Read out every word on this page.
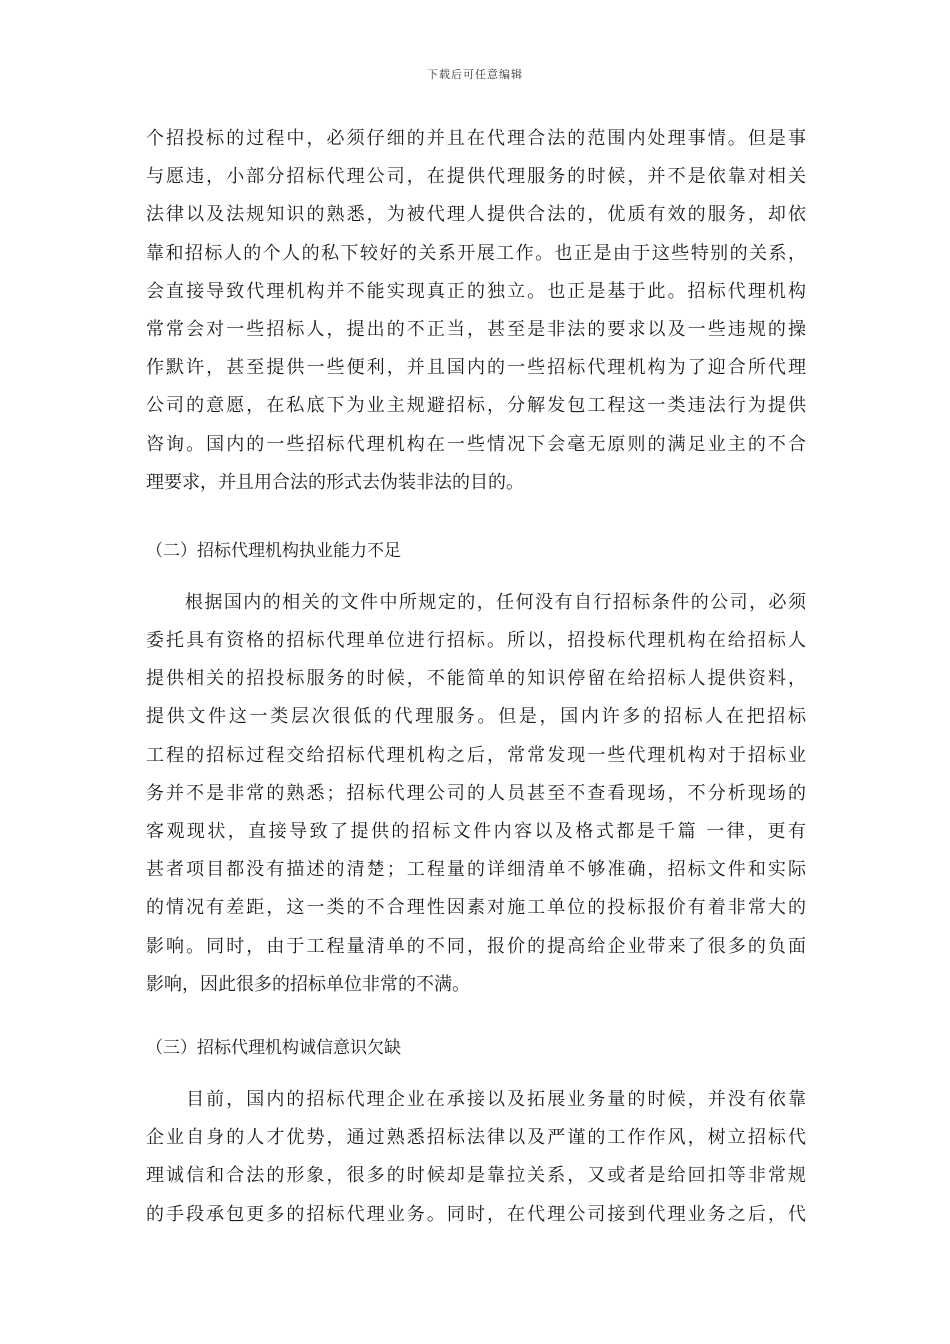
下载后可任意编辑
个招投标的过程中，必须仔细的并且在代理合法的范围内处理事情。但是事
与愿违，小部分招标代理公司，在提供代理服务的时候，并不是依靠对相关
法律以及法规知识的熟悉，为被代理人提供合法的，优质有效的服务，却依
靠和招标人的个人的私下较好的关系开展工作。也正是由于这些特别的关系，
会直接导致代理机构并不能实现真正的独立。也正是基于此。招标代理机构
常常会对一些招标人，提出的不正当，甚至是非法的要求以及一些违规的操
作默许，甚至提供一些便利，并且国内的一些招标代理机构为了迎合所代理
公司的意愿，在私底下为业主规避招标，分解发包工程这一类违法行为提供
咨询。国内的一些招标代理机构在一些情况下会毫无原则的满足业主的不合
理要求，并且用合法的形式去伪装非法的目的。
（二）招标代理机构执业能力不足
　　根据国内的相关的文件中所规定的，任何没有自行招标条件的公司，必须
委托具有资格的招标代理单位进行招标。所以，招投标代理机构在给招标人
提供相关的招投标服务的时候，不能简单的知识停留在给招标人提供资料，
提供文件这一类层次很低的代理服务。但是，国内许多的招标人在把招标
工程的招标过程交给招标代理机构之后，常常发现一些代理机构对于招标业
务并不是非常的熟悉；招标代理公司的人员甚至不查看现场，不分析现场的
客观现状，直接导致了提供的招标文件内容以及格式都是千篇 一律，更有
甚者项目都没有描述的清楚；工程量的详细清单不够准确，招标文件和实际
的情况有差距，这一类的不合理性因素对施工单位的投标报价有着非常大的
影响。同时，由于工程量清单的不同，报价的提高给企业带来了很多的负面
影响，因此很多的招标单位非常的不满。
（三）招标代理机构诚信意识欠缺
　　目前，国内的招标代理企业在承接以及拓展业务量的时候，并没有依靠
企业自身的人才优势，通过熟悉招标法律以及严谨的工作作风，树立招标代
理诚信和合法的形象，很多的时候却是靠拉关系，又或者是给回扣等非常规
的手段承包更多的招标代理业务。同时，在代理公司接到代理业务之后，代
